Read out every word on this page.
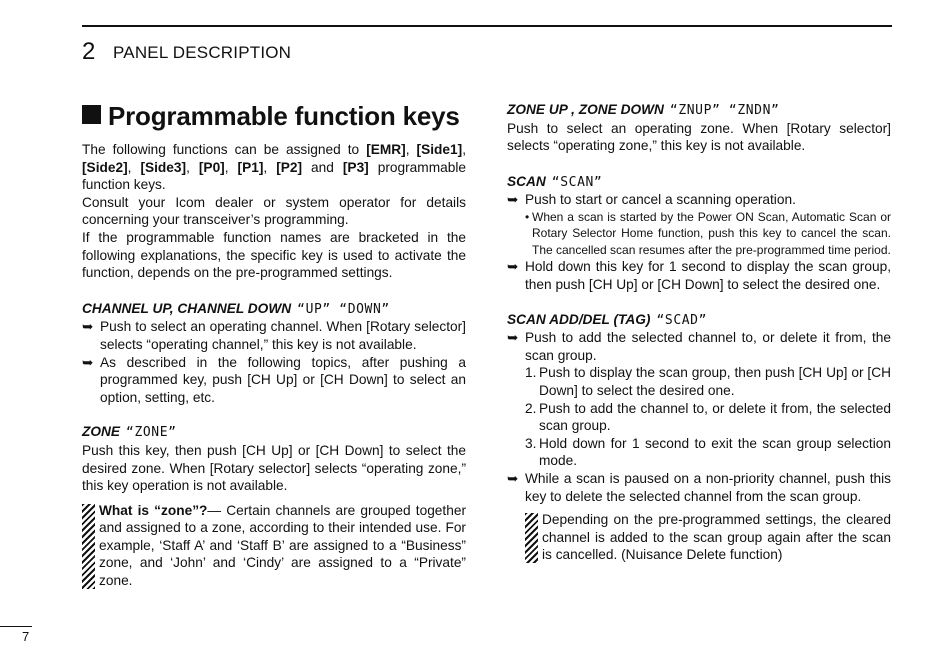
2 PANEL DESCRIPTION
Programmable function keys

The following functions can be assigned to [EMR], [Side1], [Side2], [Side3], [P0], [P1], [P2] and [P3] programmable function keys.

Consult your Icom dealer or system operator for details concerning your transceiver’s programming.

If the programmable function names are bracketed in the following explanations, the specific key is used to activate the function, depends on the pre-programmed settings.

CHANNEL UP, CHANNEL DOWN “UP” “DOWN”
➥ Push to select an operating channel. When [Rotary selector] selects “operating channel,” this key is not available.
➥ As described in the following topics, after pushing a programmed key, push [CH Up] or [CH Down] to select an option, setting, etc.
ZONE “ZONE”

Push this key, then push [CH Up] or [CH Down] to select the desired zone. When [Rotary selector] selects “operating zone,” this key operation is not available.

What is “zone”?— Certain channels are grouped together and assigned to a zone, according to their intended use. For example, ‘Staff A’ and ‘Staff B’ are assigned to a “Business” zone, and ‘John’ and ‘Cindy’ are assigned to a “Private” zone.
ZONE UP , ZONE DOWN “ZNUP” “ZNDN”

Push to select an operating zone. When [Rotary selector] selects “operating zone,” this key is not available.

SCAN “SCAN”
➥ Push to start or cancel a scanning operation.
• When a scan is started by the Power ON Scan, Automatic Scan or Rotary Selector Home function, push this key to cancel the scan. The cancelled scan resumes after the pre-programmed time period.
➥ Hold down this key for 1 second to display the scan group, then push [CH Up] or [CH Down] to select the desired one.
SCAN ADD/DEL (TAG) “SCAD”
➥ Push to add the selected channel to, or delete it from, the scan group.
1. Push to display the scan group, then push [CH Up] or [CH Down] to select the desired one.
2. Push to add the channel to, or delete it from, the selected scan group.
3. Hold down for 1 second to exit the scan group selection mode.
➥ While a scan is paused on a non-priority channel, push this key to delete the selected channel from the scan group.
Depending on the pre-programmed settings, the cleared channel is added to the scan group again after the scan is cancelled. (Nuisance Delete function)
7
